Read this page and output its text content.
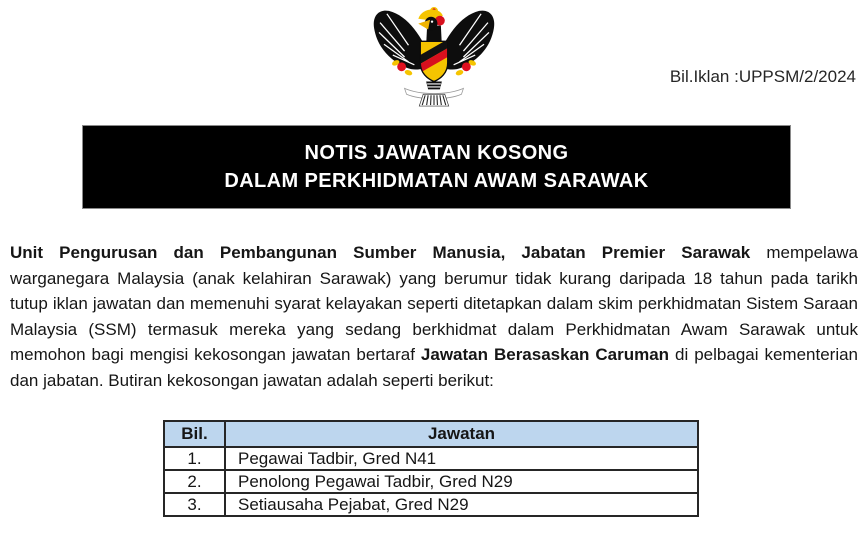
Bil.Iklan :UPPSM/2/2024
NOTIS JAWATAN KOSONG
DALAM PERKHIDMATAN AWAM SARAWAK

Unit Pengurusan dan Pembangunan Sumber Manusia, Jabatan Premier Sarawak mempelawa warganegara Malaysia (anak kelahiran Sarawak) yang berumur tidak kurang daripada 18 tahun pada tarikh tutup iklan jawatan dan memenuhi syarat kelayakan seperti ditetapkan dalam skim perkhidmatan Sistem Saraan Malaysia (SSM) termasuk mereka yang sedang berkhidmat dalam Perkhidmatan Awam Sarawak untuk memohon bagi mengisi kekosongan jawatan bertaraf Jawatan Berasaskan Caruman di pelbagai kementerian dan jabatan. Butiran kekosongan jawatan adalah seperti berikut:

Bil.	Jawatan
1.	Pegawai Tadbir, Gred N41
2.	Penolong Pegawai Tadbir, Gred N29
3.	Setiausaha Pejabat, Gred N29
